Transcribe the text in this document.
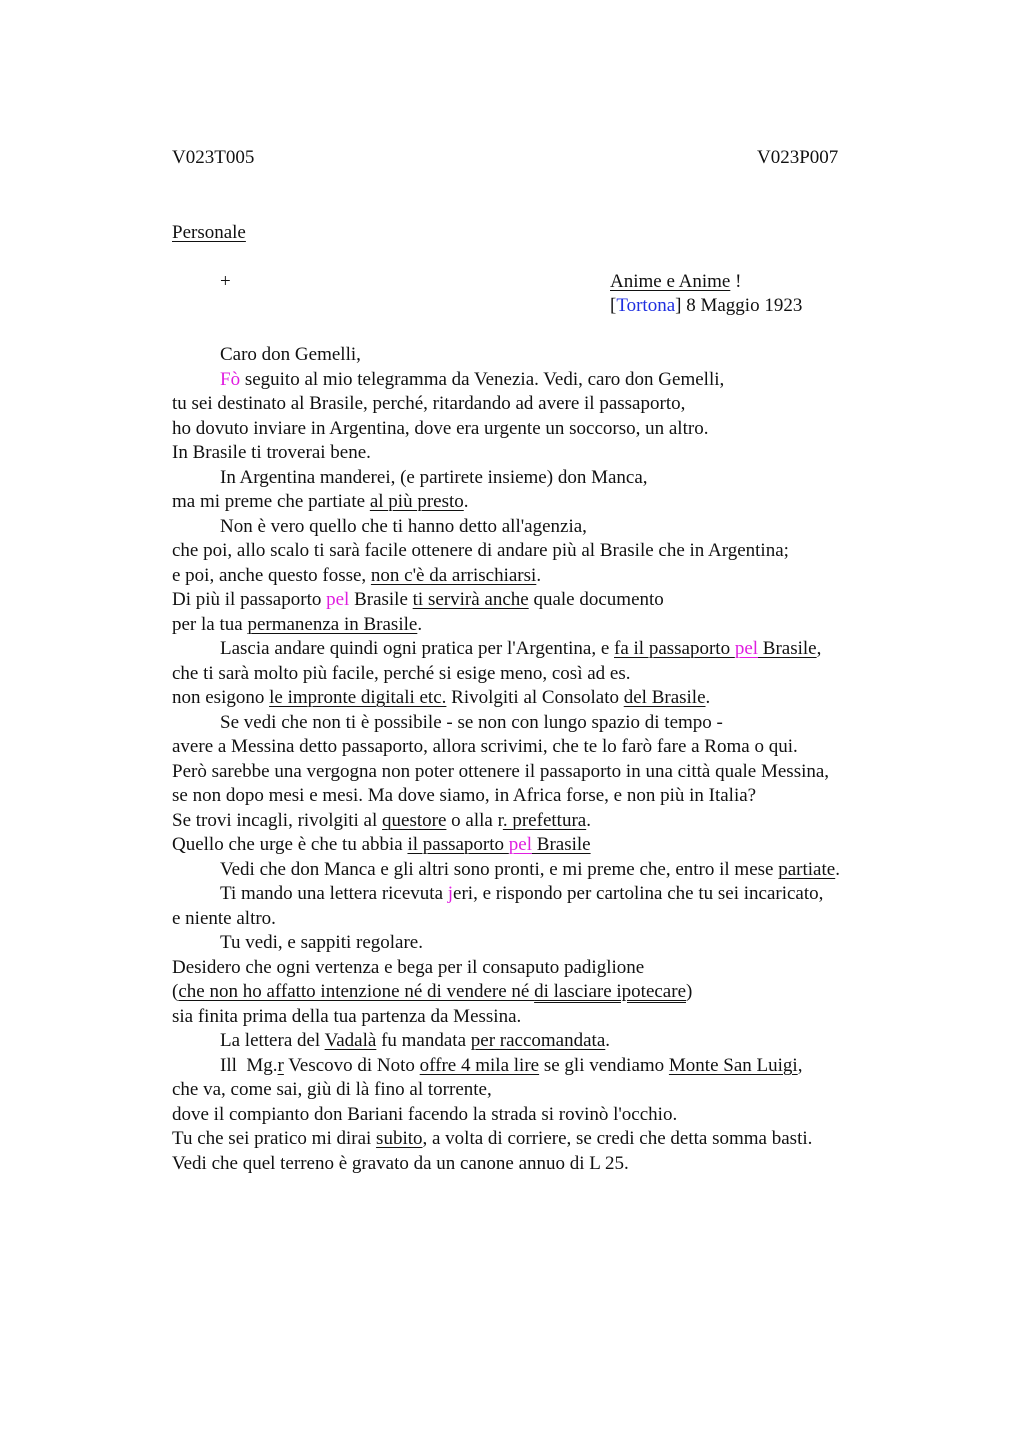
V023T005	V023P007
Personale
+	Anime e Anime !
[Tortona] 8 Maggio 1923
Caro don Gemelli,
Fò seguito al mio telegramma da Venezia. Vedi, caro don Gemelli,
tu sei destinato al Brasile, perché, ritardando ad avere il passaporto,
ho dovuto inviare in Argentina, dove era urgente un soccorso, un altro.
In Brasile ti troverai bene.
In Argentina manderei, (e partirete insieme) don Manca,
ma mi preme che partiate al più presto.
Non è vero quello che ti hanno detto all'agenzia,
che poi, allo scalo ti sarà facile ottenere di andare più al Brasile che in Argentina;
e poi, anche questo fosse, non c'è da arrischiarsi.
Di più il passaporto pel Brasile ti servirà anche quale documento
per la tua permanenza in Brasile.
Lascia andare quindi ogni pratica per l'Argentina, e fa il passaporto pel Brasile,
che ti sarà molto più facile, perché si esige meno, così ad es.
non esigono le impronte digitali etc. Rivolgiti al Consolato del Brasile.
Se vedi che non ti è possibile - se non con lungo spazio di tempo -
avere a Messina detto passaporto, allora scrivimi, che te lo farò fare a Roma o qui.
Però sarebbe una vergogna non poter ottenere il passaporto in una città quale Messina,
se non dopo mesi e mesi. Ma dove siamo, in Africa forse, e non più in Italia?
Se trovi incagli, rivolgiti al questore o alla r. prefettura.
Quello che urge è che tu abbia il passaporto pel Brasile
Vedi che don Manca e gli altri sono pronti, e mi preme che, entro il mese partiate.
Ti mando una lettera ricevuta jeri, e rispondo per cartolina che tu sei incaricato,
e niente altro.
Tu vedi, e sappiti regolare.
Desidero che ogni vertenza e bega per il consaputo padiglione
(che non ho affatto intenzione né di vendere né di lasciare ipotecare)
sia finita prima della tua partenza da Messina.
La lettera del Vadalà fu mandata per raccomandata.
Ill  Mg.r Vescovo di Noto offre 4 mila lire se gli vendiamo Monte San Luigi,
che va, come sai, giù di là fino al torrente,
dove il compianto don Bariani facendo la strada si rovinò l'occhio.
Tu che sei pratico mi dirai subito, a volta di corriere, se credi che detta somma basti.
Vedi che quel terreno è gravato da un canone annuo di L 25.
